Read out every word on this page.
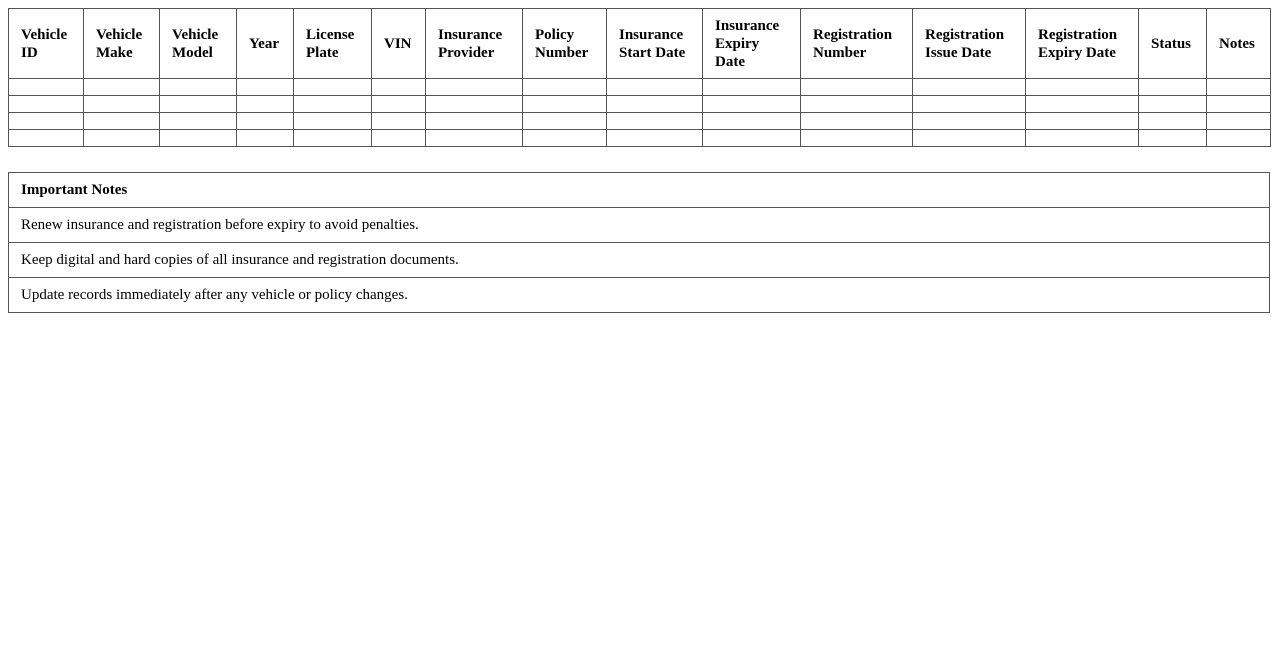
Vehicle ID	Vehicle Make	Vehicle Model	Year	License Plate	VIN	Insurance Provider	Policy Number	Insurance Start Date	Insurance Expiry Date	Registration Number	Registration Issue Date	Registration Expiry Date	Status	Notes

Important Notes
Renew insurance and registration before expiry to avoid penalties.
Keep digital and hard copies of all insurance and registration documents.
Update records immediately after any vehicle or policy changes.
